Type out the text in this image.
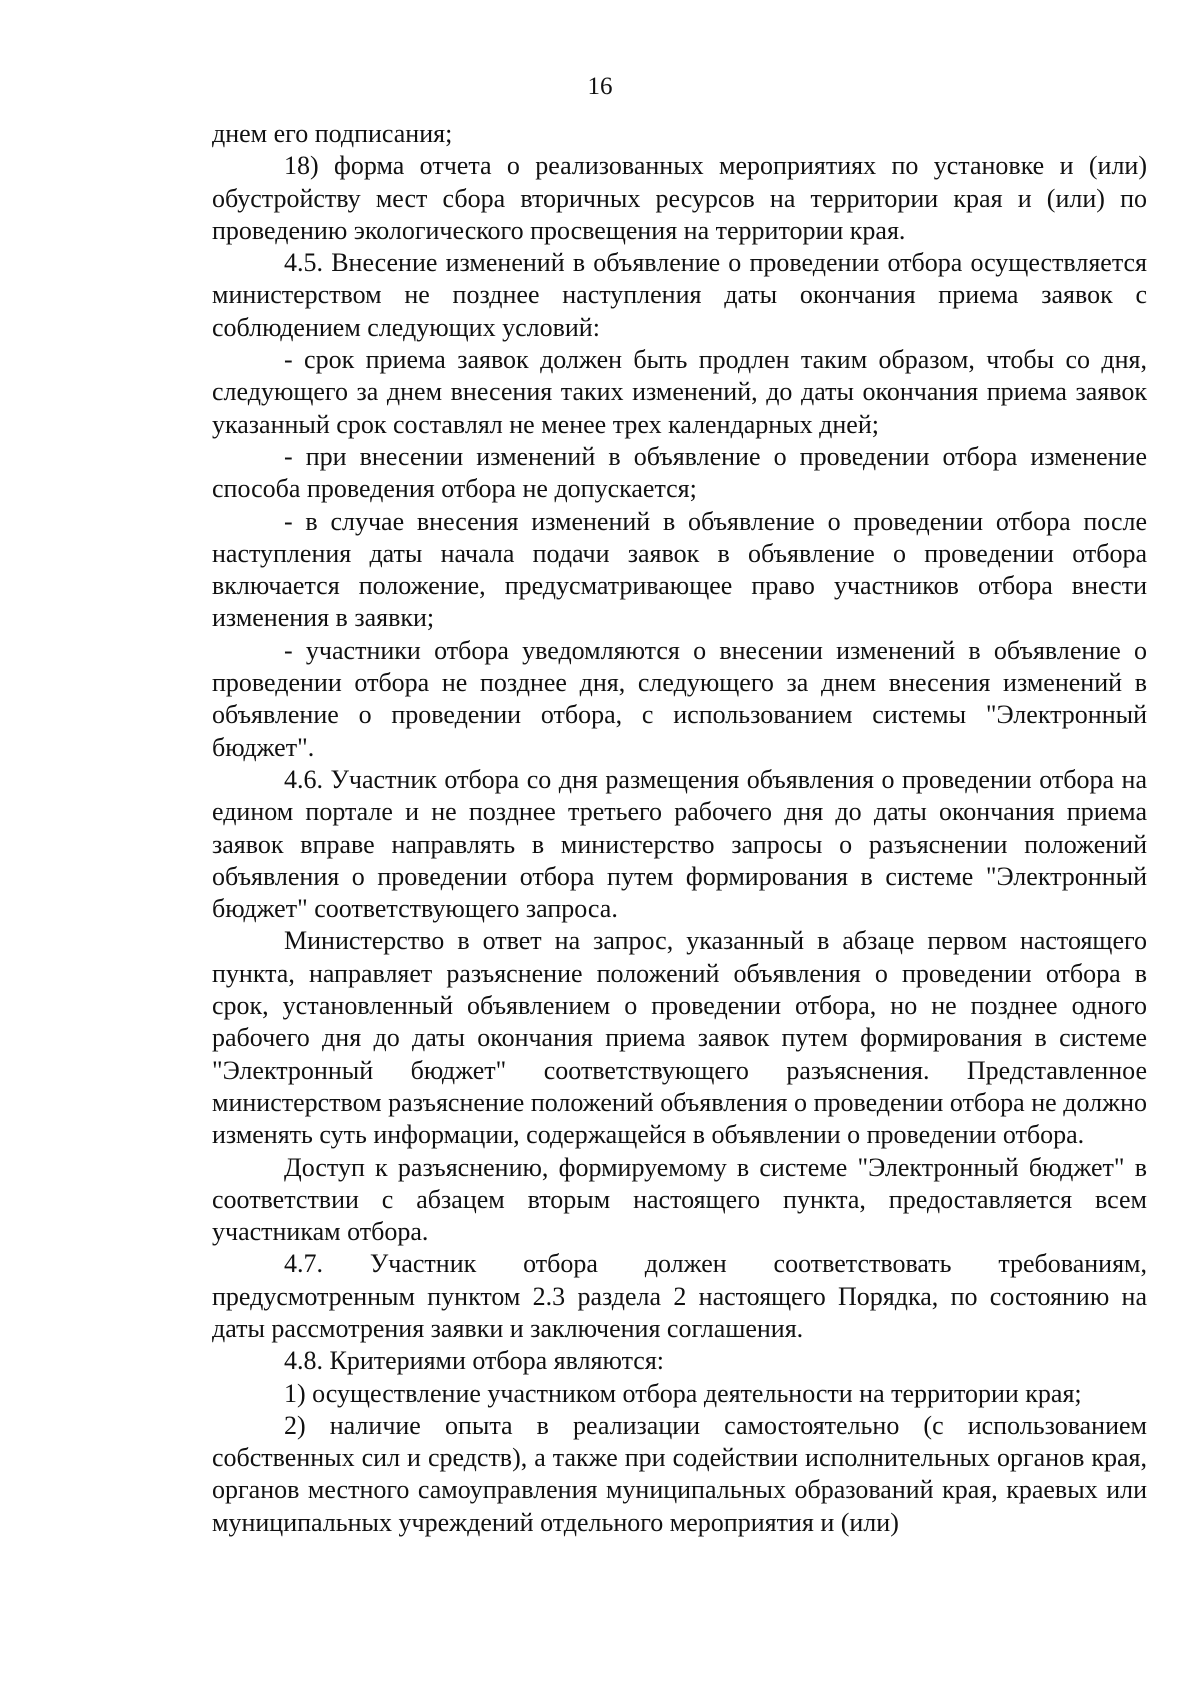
16

днем его подписания;

18) форма отчета о реализованных мероприятиях по установке и (или) обустройству мест сбора вторичных ресурсов на территории края и (или) по проведению экологического просвещения на территории края.

4.5. Внесение изменений в объявление о проведении отбора осуществляется министерством не позднее наступления даты окончания приема заявок с соблюдением следующих условий:

- срок приема заявок должен быть продлен таким образом, чтобы со дня, следующего за днем внесения таких изменений, до даты окончания приема заявок указанный срок составлял не менее трех календарных дней;

- при внесении изменений в объявление о проведении отбора изменение способа проведения отбора не допускается;

- в случае внесения изменений в объявление о проведении отбора после наступления даты начала подачи заявок в объявление о проведении отбора включается положение, предусматривающее право участников отбора внести изменения в заявки;

- участники отбора уведомляются о внесении изменений в объявление о проведении отбора не позднее дня, следующего за днем внесения изменений в объявление о проведении отбора, с использованием системы "Электронный бюджет".

4.6. Участник отбора со дня размещения объявления о проведении отбора на едином портале и не позднее третьего рабочего дня до даты окончания приема заявок вправе направлять в министерство запросы о разъяснении положений объявления о проведении отбора путем формирования в системе "Электронный бюджет" соответствующего запроса.

Министерство в ответ на запрос, указанный в абзаце первом настоящего пункта, направляет разъяснение положений объявления о проведении отбора в срок, установленный объявлением о проведении отбора, но не позднее одного рабочего дня до даты окончания приема заявок путем формирования в системе "Электронный бюджет" соответствующего разъяснения. Представленное министерством разъяснение положений объявления о проведении отбора не должно изменять суть информации, содержащейся в объявлении о проведении отбора.

Доступ к разъяснению, формируемому в системе "Электронный бюджет" в соответствии с абзацем вторым настоящего пункта, предоставляется всем участникам отбора.

4.7. Участник отбора должен соответствовать требованиям, предусмотренным пунктом 2.3 раздела 2 настоящего Порядка, по состоянию на даты рассмотрения заявки и заключения соглашения.

4.8. Критериями отбора являются:

1) осуществление участником отбора деятельности на территории края;

2) наличие опыта в реализации самостоятельно (с использованием собственных сил и средств), а также при содействии исполнительных органов края, органов местного самоуправления муниципальных образований края, краевых или муниципальных учреждений отдельного мероприятия и (или)
